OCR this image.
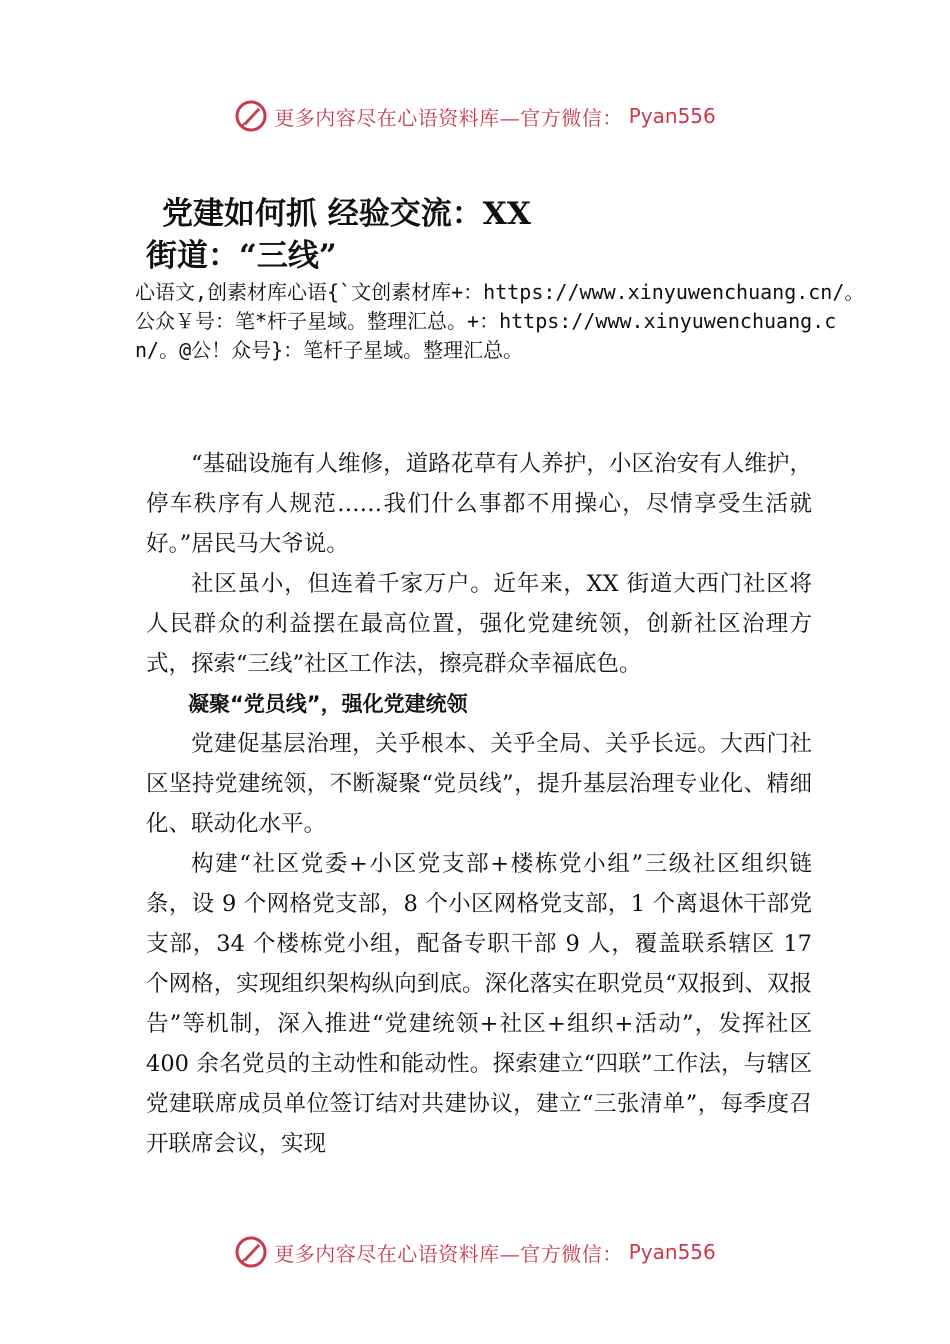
更多内容尽在心语资料库—官方微信： Pyan556
党建如何抓 经验交流：XX
街道：“三线”

心语文,创素材库心语{`文创素材库+：https://www.xinyuwenchuang.cn/。公众￥号：笔*杆子星域。整理汇总。+：https://www.xinyuwenchuang.cn/。@公！众号}：笔杆子星域。整理汇总。

“基础设施有人维修，道路花草有人养护，小区治安有人维护，停车秩序有人规范……我们什么事都不用操心，尽情享受生活就好。”居民马大爷说。

社区虽小，但连着千家万户。近年来，XX 街道大西门社区将人民群众的利益摆在最高位置，强化党建统领，创新社区治理方式，探索“三线”社区工作法，擦亮群众幸福底色。

凝聚“党员线”，强化党建统领

党建促基层治理，关乎根本、关乎全局、关乎长远。大西门社区坚持党建统领，不断凝聚“党员线”，提升基层治理专业化、精细化、联动化水平。

构建“社区党委+小区党支部+楼栋党小组”三级社区组织链条，设 9 个网格党支部，8 个小区网格党支部，1 个离退休干部党支部，34 个楼栋党小组，配备专职干部 9 人，覆盖联系辖区 17 个网格，实现组织架构纵向到底。深化落实在职党员“双报到、双报告”等机制，深入推进“党建统领+社区+组织+活动”，发挥社区 400 余名党员的主动性和能动性。探索建立“四联”工作法，与辖区党建联席成员单位签订结对共建协议，建立“三张清单”，每季度召开联席会议，实现

更多内容尽在心语资料库—官方微信： Pyan556
